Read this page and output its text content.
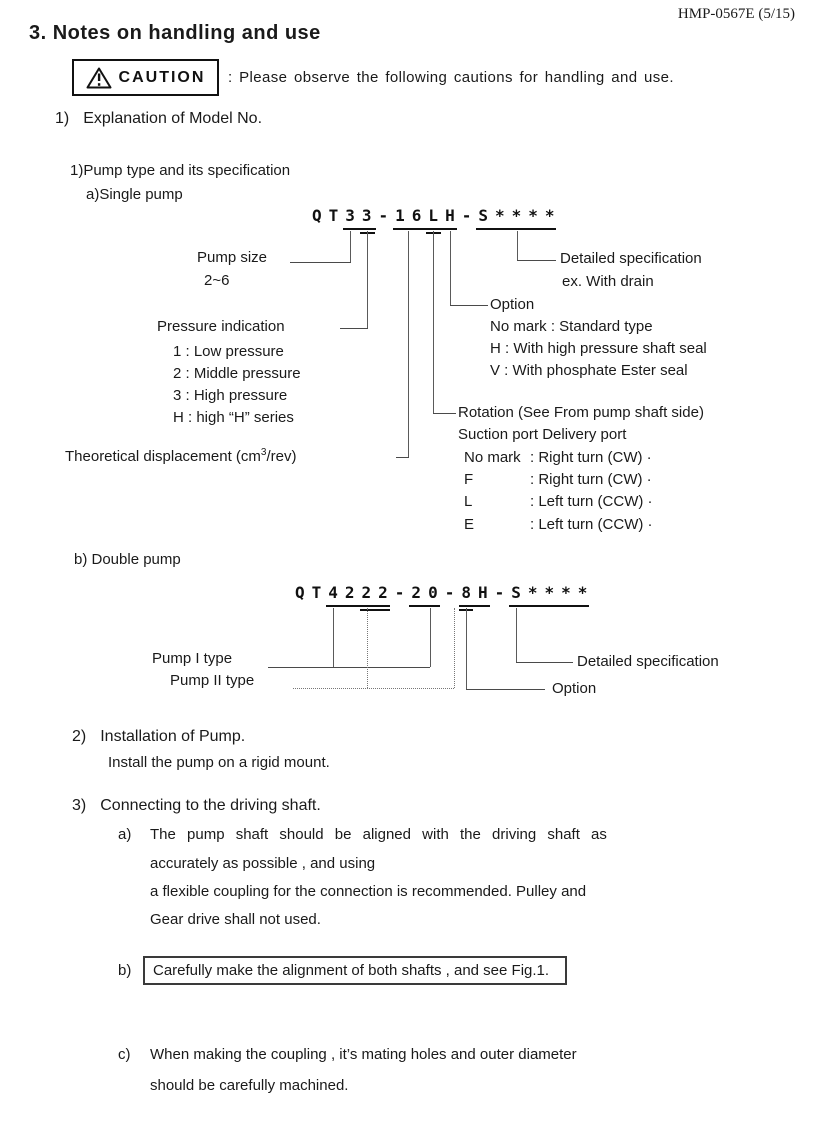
HMP-0567E (5/15)
3. Notes on handling and use
CAUTION : Please observe the following cautions for handling and use.
1) Explanation of Model No.
1)Pump type and its specification
a)Single pump
QT33-16LH-S****
Pump size
2~6
Pressure indication
1 : Low pressure
2 : Middle pressure
3 : High pressure
H : high “H” series
Theoretical displacement $(cm^3/rev)$
Detailed specification
ex. With drain
Option
No mark : Standard type
H : With high pressure shaft seal
V : With phosphate Ester seal
Rotation (See From pump shaft side)
Suction port Delivery port
No mark : Right turn (CW) ·
F	: Right turn (CW) ·
L	: Left turn (CCW) ·
E	: Left turn (CCW) ·
b) Double pump
QT4222-20-8H-S****
Pump I type
Pump II type
Detailed specification
Option
2) Installation of Pump.
Install the pump on a rigid mount.
3) Connecting to the driving shaft.
a) The pump shaft should be aligned with the driving shaft as
accurately as possible , and using
a flexible coupling for the connection is recommended. Pulley and
Gear drive shall not used.
b) Carefully make the alignment of both shafts , and see Fig.1.
c) When making the coupling , it’s mating holes and outer diameter
should be carefully machined.
